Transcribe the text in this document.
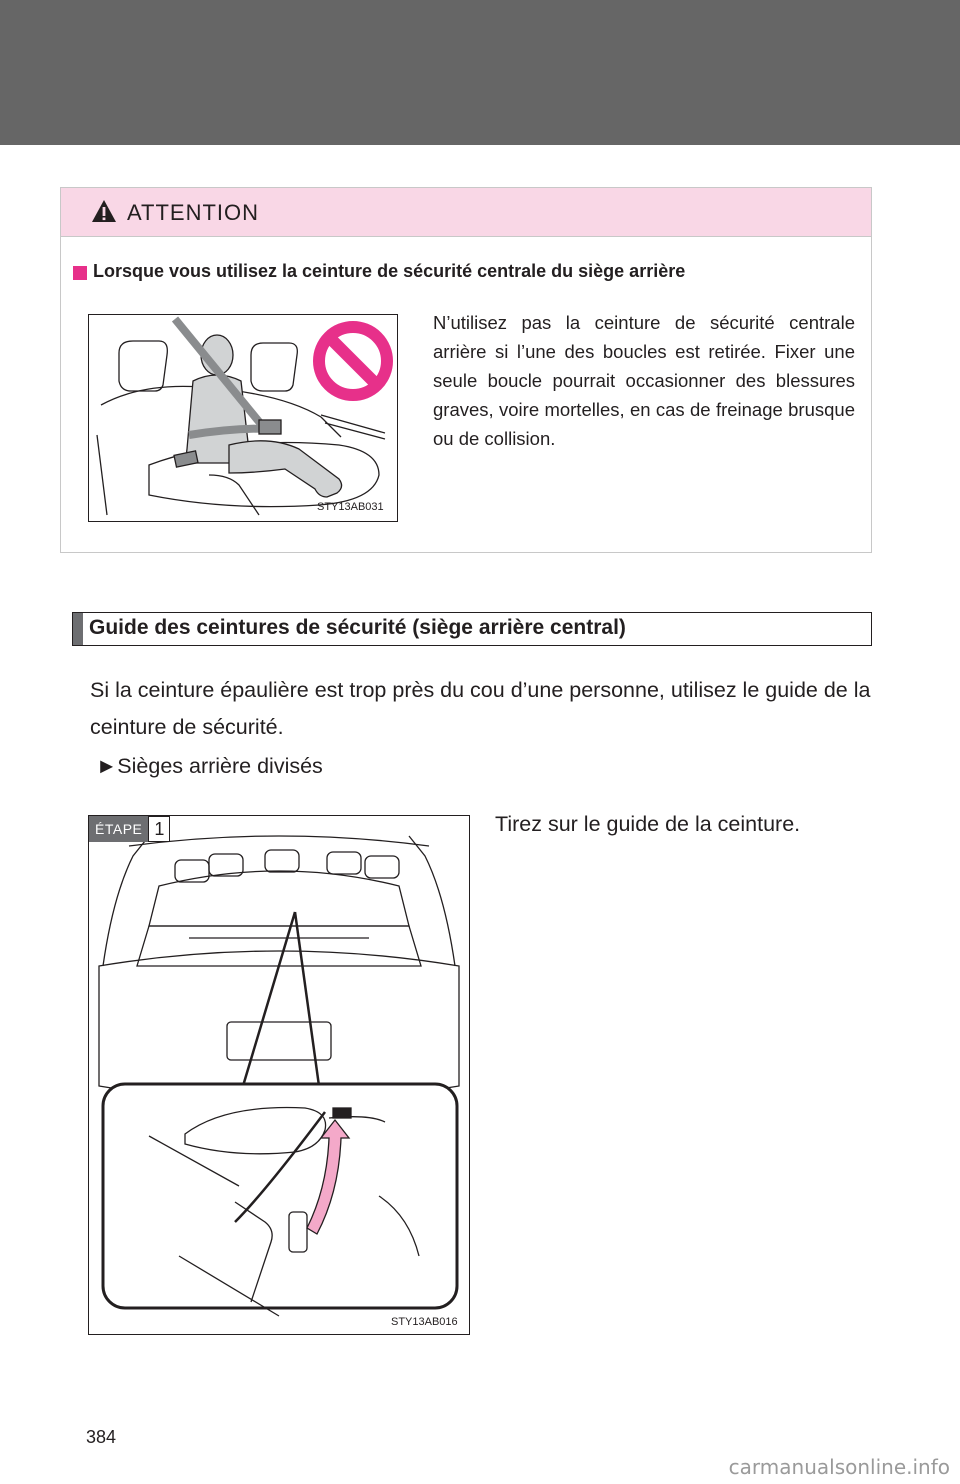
ATTENTION
Lorsque vous utilisez la ceinture de sécurité centrale du siège arrière
STY13AB031
N’utilisez pas la ceinture de sécurité centrale arrière si l’une des boucles est retirée. Fixer une seule boucle pourrait occasionner des blessures graves, voire mortelles, en cas de freinage brusque ou de collision.
Guide des ceintures de sécurité (siège arrière central)
Si la ceinture épaulière est trop près du cou d’une personne, utilisez le guide de la ceinture de sécurité.
►Sièges arrière divisés
Tirez sur le guide de la ceinture.
ÉTAPE 1
STY13AB016
384
carmanualsonline.info
